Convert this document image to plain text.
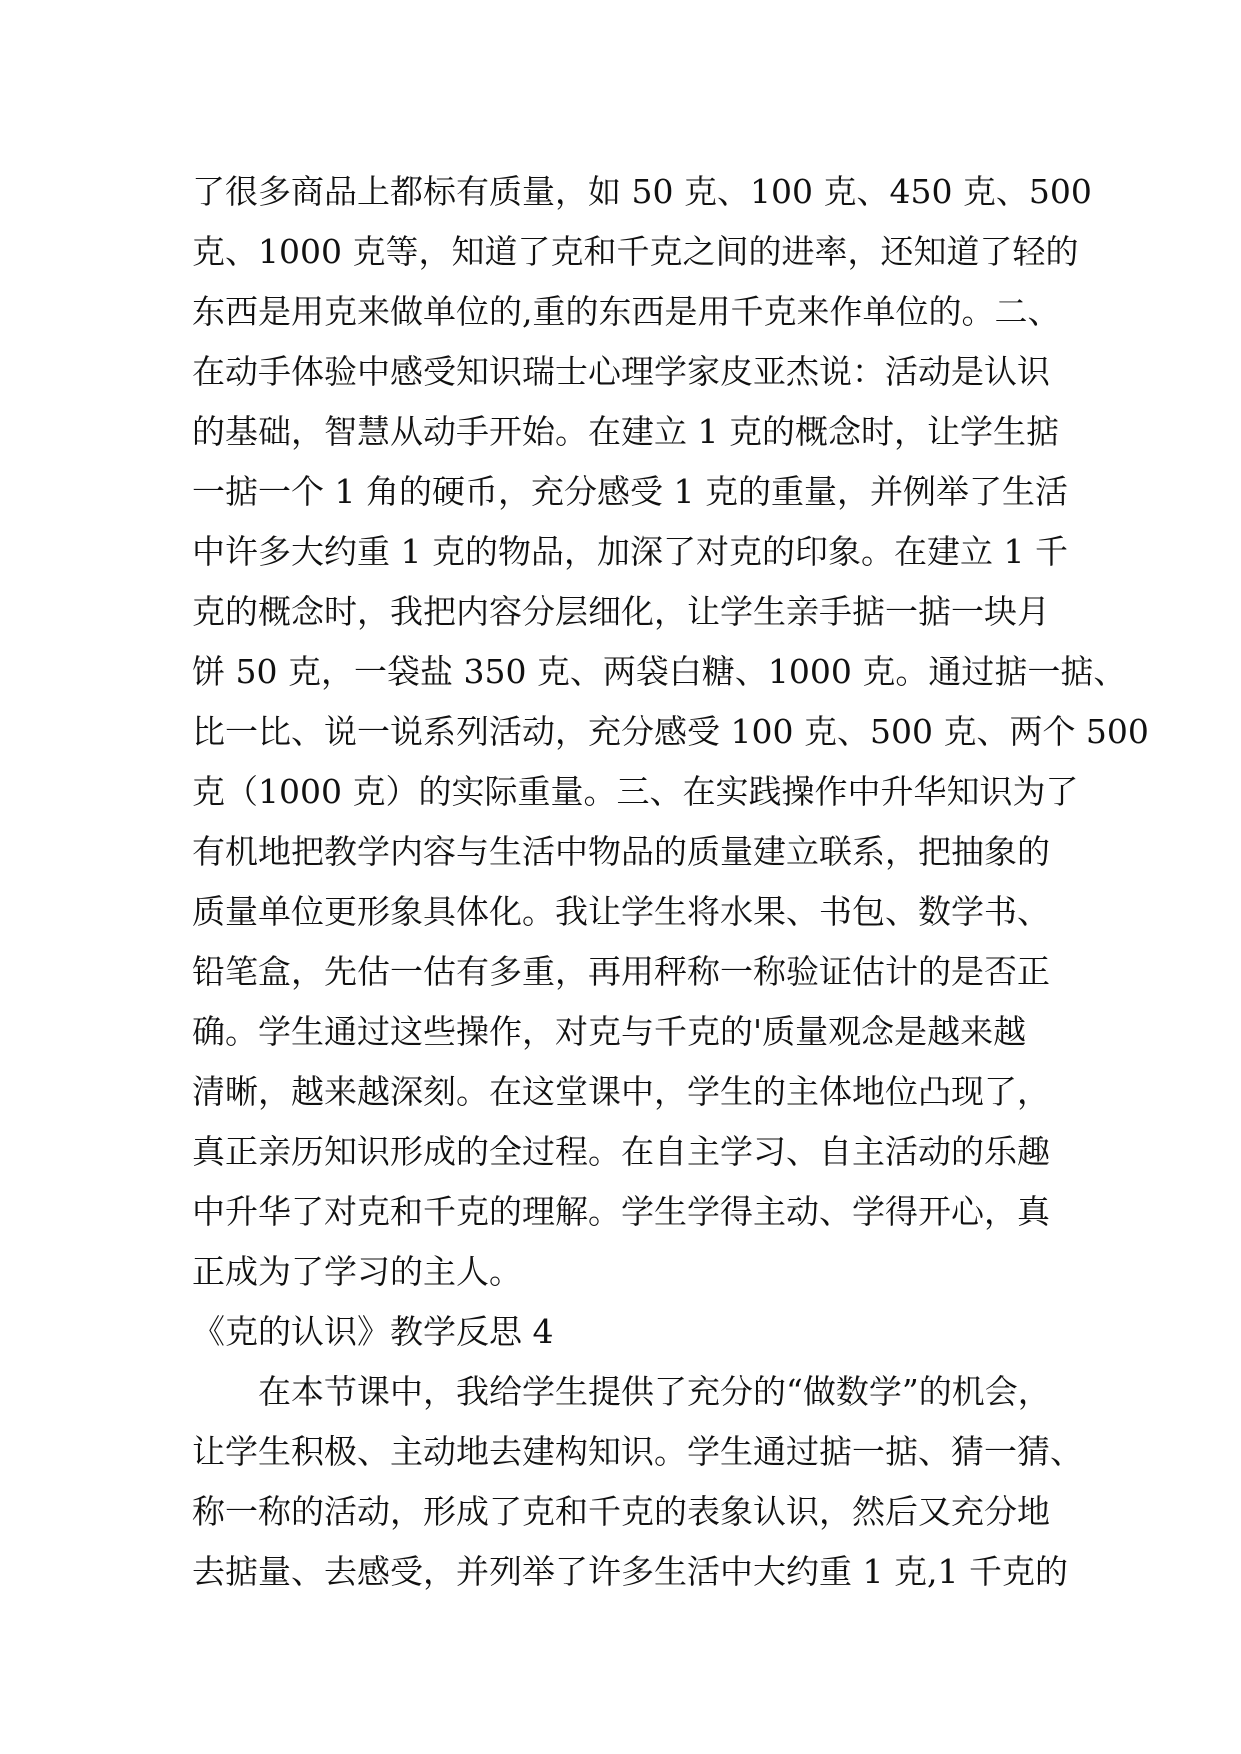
了很多商品上都标有质量，如 50 克、100 克、450 克、500
克、1000 克等，知道了克和千克之间的进率，还知道了轻的
东西是用克来做单位的,重的东西是用千克来作单位的。二、
在动手体验中感受知识瑞士心理学家皮亚杰说：活动是认识
的基础，智慧从动手开始。在建立 1 克的概念时，让学生掂
一掂一个 1 角的硬币，充分感受 1 克的重量，并例举了生活
中许多大约重 1 克的物品，加深了对克的印象。在建立 1 千
克的概念时，我把内容分层细化，让学生亲手掂一掂一块月
饼 50 克，一袋盐 350 克、两袋白糖、1000 克。通过掂一掂、
比一比、说一说系列活动，充分感受 100 克、500 克、两个 500
克（1000 克）的实际重量。三、在实践操作中升华知识为了
有机地把教学内容与生活中物品的质量建立联系，把抽象的
质量单位更形象具体化。我让学生将水果、书包、数学书、
铅笔盒，先估一估有多重，再用秤称一称验证估计的是否正
确。学生通过这些操作，对克与千克的'质量观念是越来越
清晰，越来越深刻。在这堂课中，学生的主体地位凸现了，
真正亲历知识形成的全过程。在自主学习、自主活动的乐趣
中升华了对克和千克的理解。学生学得主动、学得开心，真
正成为了学习的主人。
《克的认识》教学反思 4
在本节课中，我给学生提供了充分的“做数学”的机会，
让学生积极、主动地去建构知识。学生通过掂一掂、猜一猜、
称一称的活动，形成了克和千克的表象认识，然后又充分地
去掂量、去感受，并列举了许多生活中大约重 1 克,1 千克的
